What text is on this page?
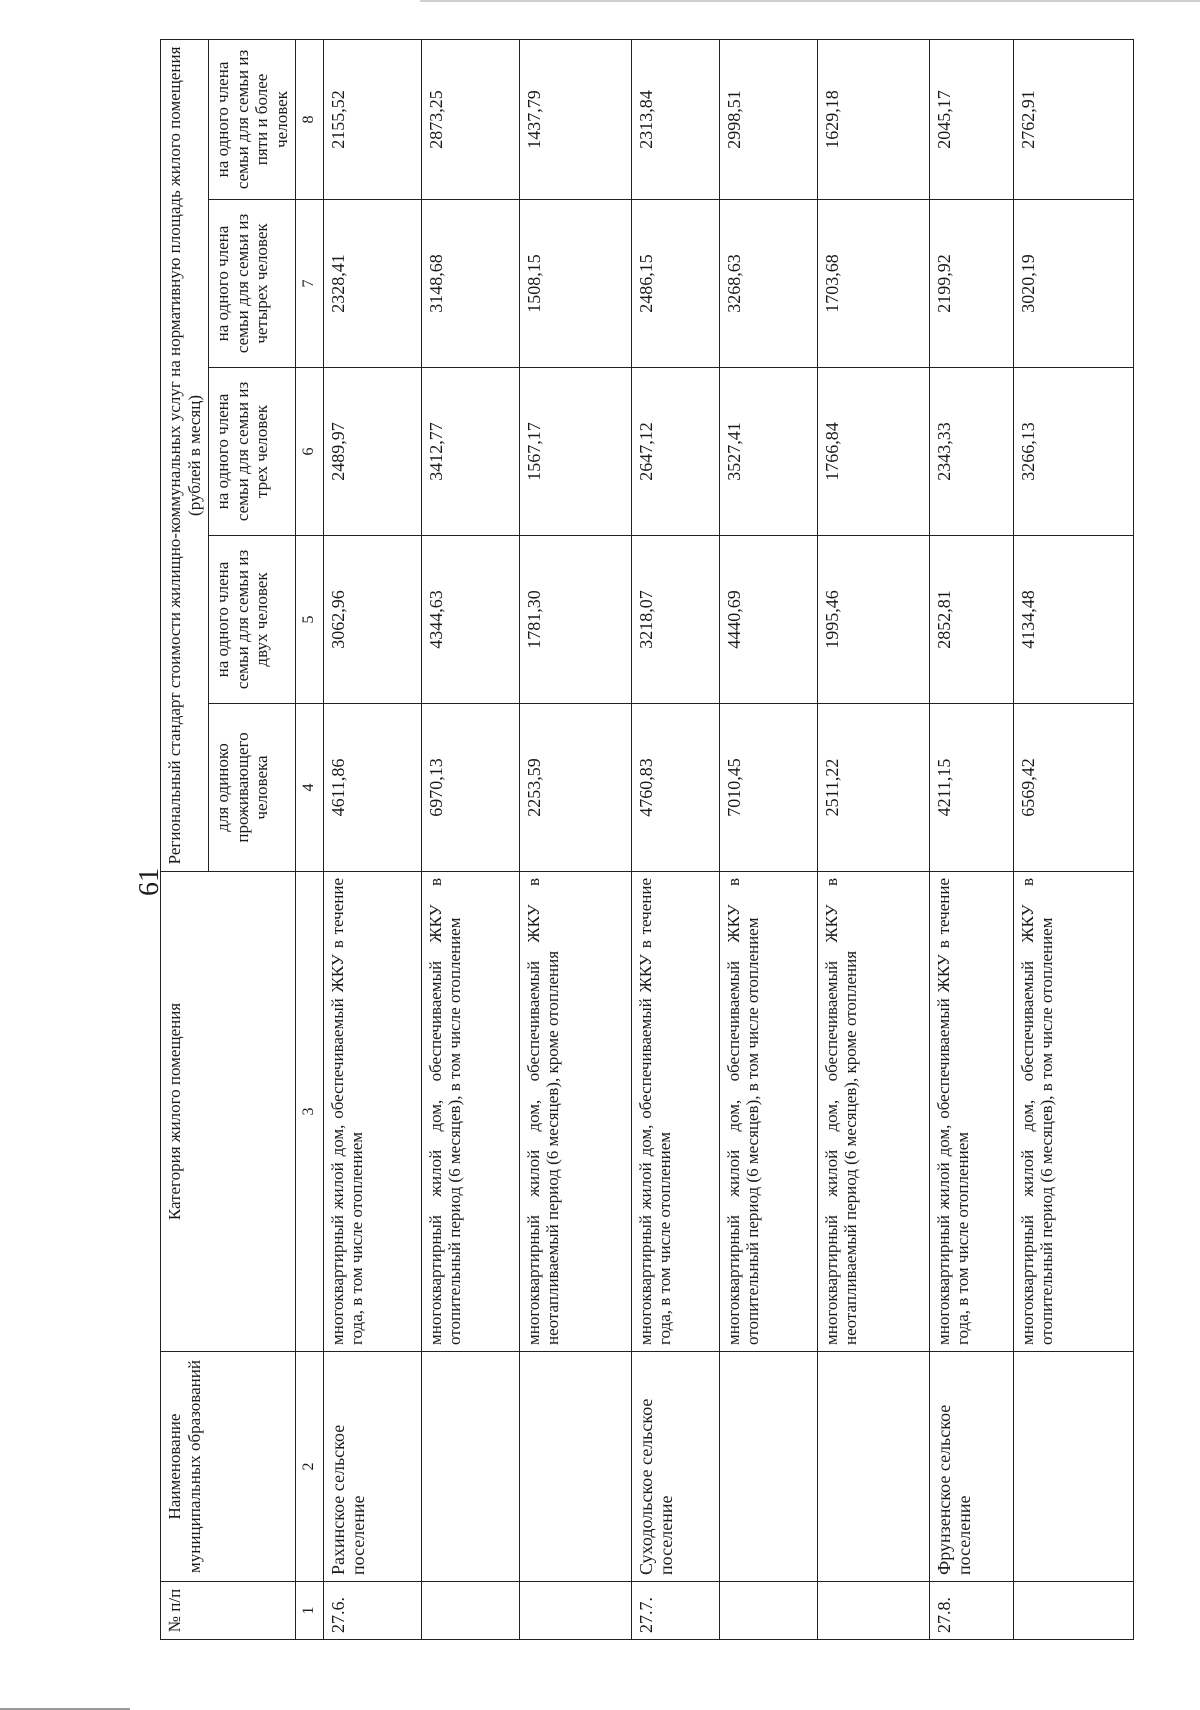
61
№ п/п	Наименование муниципальных образований	Категория жилого помещения	Региональный стандарт стоимости жилищно-коммунальных услуг на нормативную площадь жилого помещения (рублей в месяц)				
			для одиноко проживающего человека	на одного члена семьи для семьи из двух человек	на одного члена семьи для семьи из трех человек	на одного члена семьи для семьи из четырех человек	на одного члена семьи для семьи из пяти и более человек
1	2	3	4	5	6	7	8
27.6.	Рахинское сельское поселение	многоквартирный жилой дом, обеспечиваемый ЖКУ в течение года, в том числе отоплением	4611,86	3062,96	2489,97	2328,41	2155,52
		многоквартирный жилой дом, обеспечиваемый ЖКУ в отопительный период (6 месяцев), в том числе отоплением	6970,13	4344,63	3412,77	3148,68	2873,25
		многоквартирный жилой дом, обеспечиваемый ЖКУ в неотапливаемый период (6 месяцев), кроме отопления	2253,59	1781,30	1567,17	1508,15	1437,79
27.7.	Суходольское сельское поселение	многоквартирный жилой дом, обеспечиваемый ЖКУ в течение года, в том числе отоплением	4760,83	3218,07	2647,12	2486,15	2313,84
		многоквартирный жилой дом, обеспечиваемый ЖКУ в отопительный период (6 месяцев), в том числе отоплением	7010,45	4440,69	3527,41	3268,63	2998,51
		многоквартирный жилой дом, обеспечиваемый ЖКУ в неотапливаемый период (6 месяцев), кроме отопления	2511,22	1995,46	1766,84	1703,68	1629,18
27.8.	Фрунзенское сельское поселение	многоквартирный жилой дом, обеспечиваемый ЖКУ в течение года, в том числе отоплением	4211,15	2852,81	2343,33	2199,92	2045,17
		многоквартирный жилой дом, обеспечиваемый ЖКУ в отопительный период (6 месяцев), в том числе отоплением	6569,42	4134,48	3266,13	3020,19	2762,91
